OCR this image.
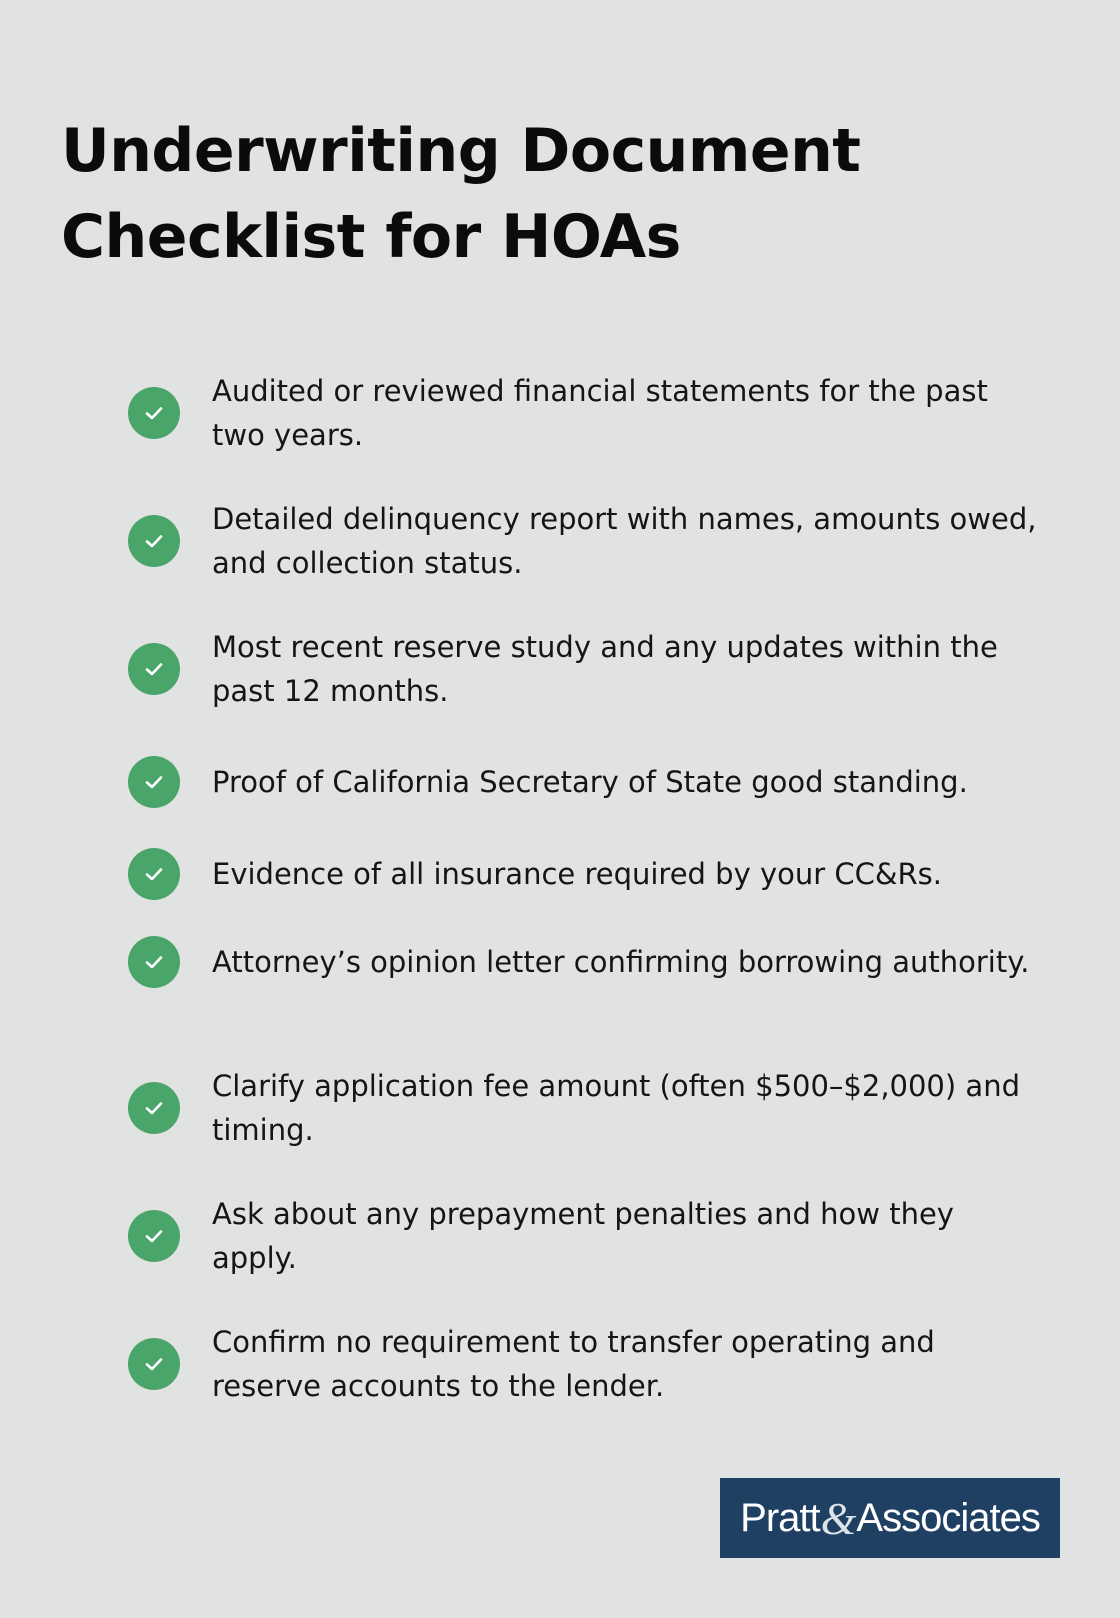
Underwriting Document Checklist for HOAs
Audited or reviewed financial statements for the past two years.
Detailed delinquency report with names, amounts owed, and collection status.
Most recent reserve study and any updates within the past 12 months.
Proof of California Secretary of State good standing.
Evidence of all insurance required by your CC&Rs.
Attorney’s opinion letter confirming borrowing authority.
Clarify application fee amount (often $500–$2,000) and timing.
Ask about any prepayment penalties and how they apply.
Confirm no requirement to transfer operating and reserve accounts to the lender.
Pratt & Associates
